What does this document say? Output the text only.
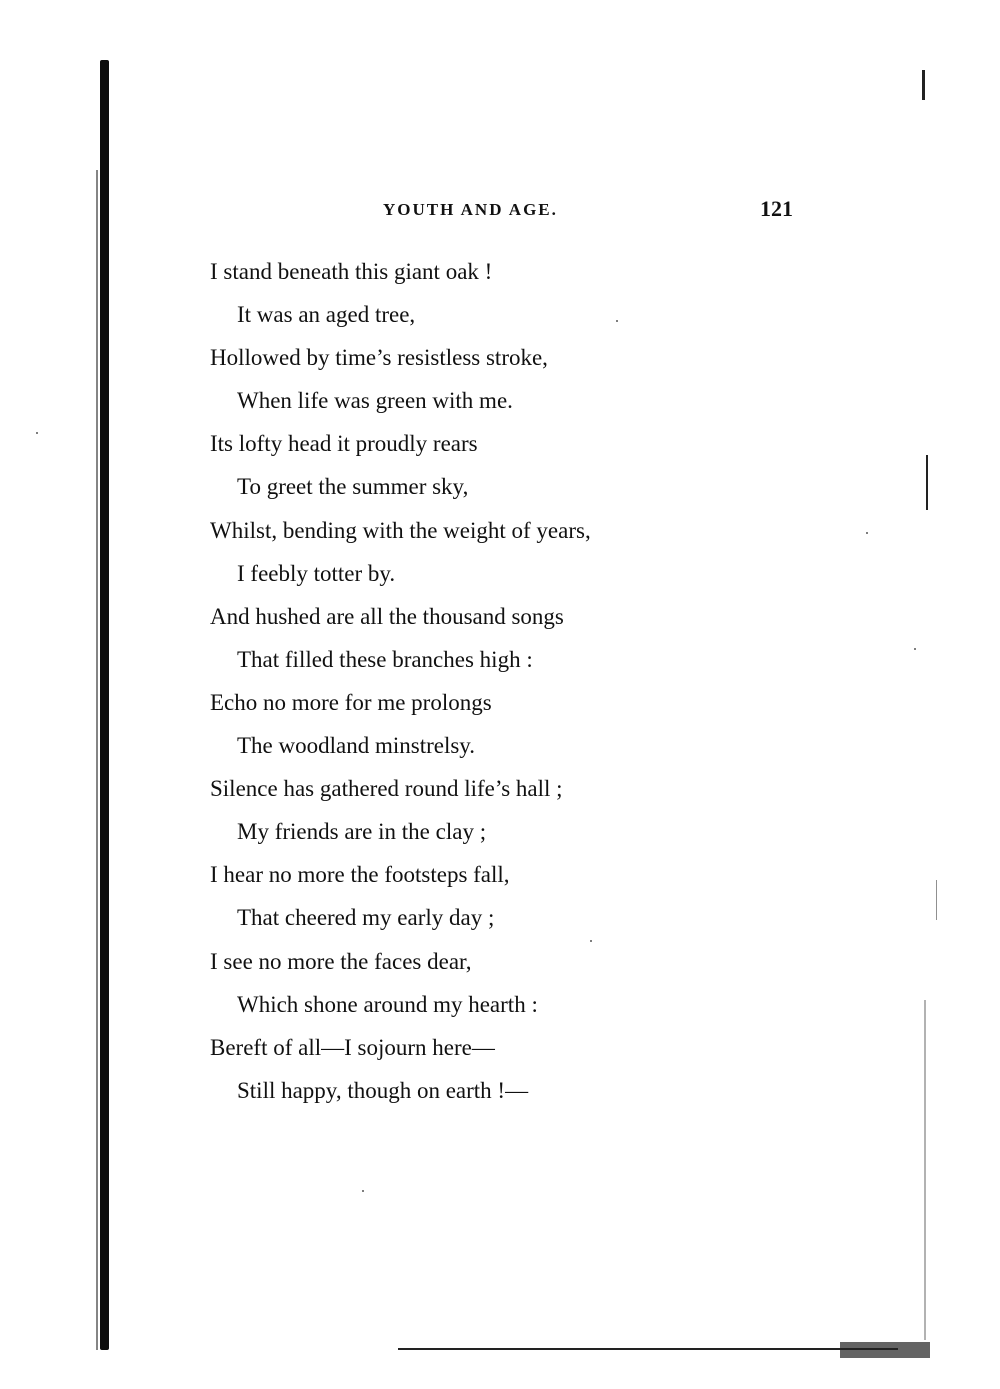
YOUTH AND AGE.	121
I stand beneath this giant oak !
It was an aged tree,
Hollowed by time’s resistless stroke,
When life was green with me.
Its lofty head it proudly rears
To greet the summer sky,
Whilst, bending with the weight of years,
I feebly totter by.
And hushed are all the thousand songs
That filled these branches high :
Echo no more for me prolongs
The woodland minstrelsy.
Silence has gathered round life’s hall ;
My friends are in the clay ;
I hear no more the footsteps fall,
That cheered my early day ;
I see no more the faces dear,
Which shone around my hearth :
Bereft of all—I sojourn here—
Still happy, though on earth !—
